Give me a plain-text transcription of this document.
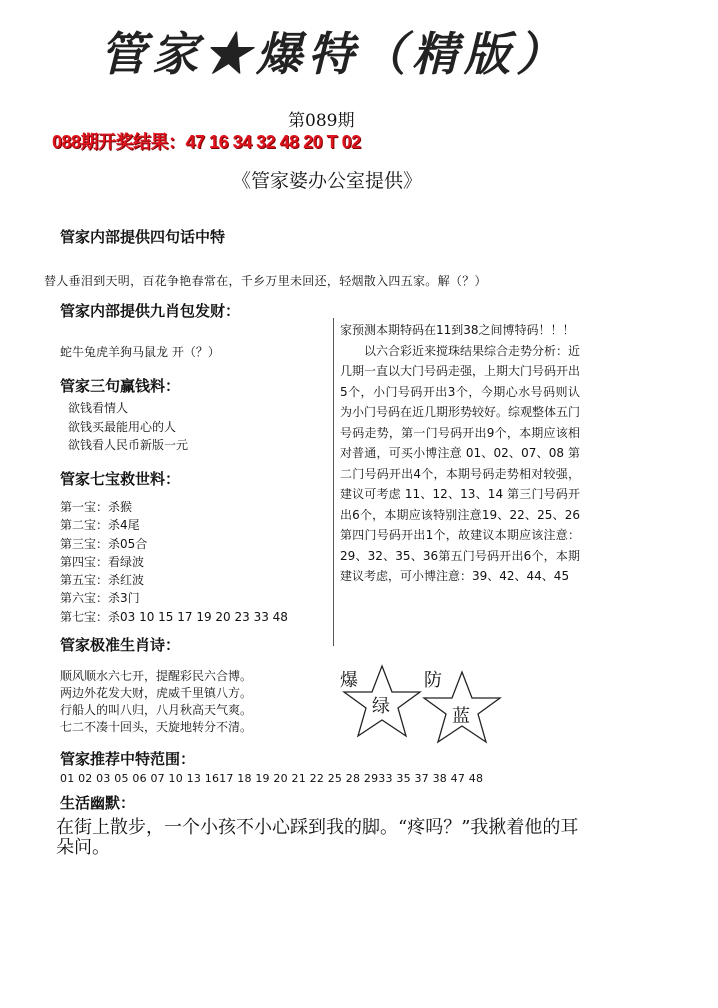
管家★爆特（精版）
第089期
088期开奖结果：47 16 34 32 48 20 T 02
《管家婆办公室提供》
管家内部提供四句话中特
替人垂泪到天明，百花争艳春常在，千乡万里未回还，轻烟散入四五家。解（？）
管家内部提供九肖包发财：
蛇牛兔虎羊狗马鼠龙 开（？）
管家三句赢钱料：
欲钱看情人
欲钱买最能用心的人
欲钱看人民币新版一元
管家七宝救世料：
第一宝：杀猴
第二宝：杀4尾
第三宝：杀05合
第四宝：看绿波
第五宝：杀红波
第六宝：杀3门
第七宝：杀03 10 15 17 19 20 23 33 48
管家极准生肖诗：
顺风顺水六七开，提醒彩民六合博。
两边外花发大财，虎威千里镇八方。
行船人的叫八归，八月秋高天气爽。
七二不凑十回头，天旋地转分不清。

家预测本期特码在11到38之间博特码！！！

以六合彩近来搅珠结果综合走势分析：近几期一直以大门号码走强，上期大门号码开出5个，小门号码开出3个，今期心水号码则认为小门号码在近几期形势较好。综观整体五门号码走势，第一门号码开出9个，本期应该相对普通，可买小博注意 01、02、07、08 第二门号码开出4个，本期号码走势相对较强，建议可考虑 11、12、13、14 第三门号码开出6个，本期应该特别注意19、22、25、26 第四门号码开出1个，故建议本期应该注意：29、32、35、36第五门号码开出6个，本期建议考虑，可小博注意：39、42、44、45

爆
绿
防
蓝
管家推荐中特范围：
01 02 03 05 06 07 10 13 1617 18 19 20 21 22 25 28 2933 35 37 38 47 48
生活幽默：
在街上散步，一个小孩不小心踩到我的脚。“疼吗？”我揪着他的耳朵问。
